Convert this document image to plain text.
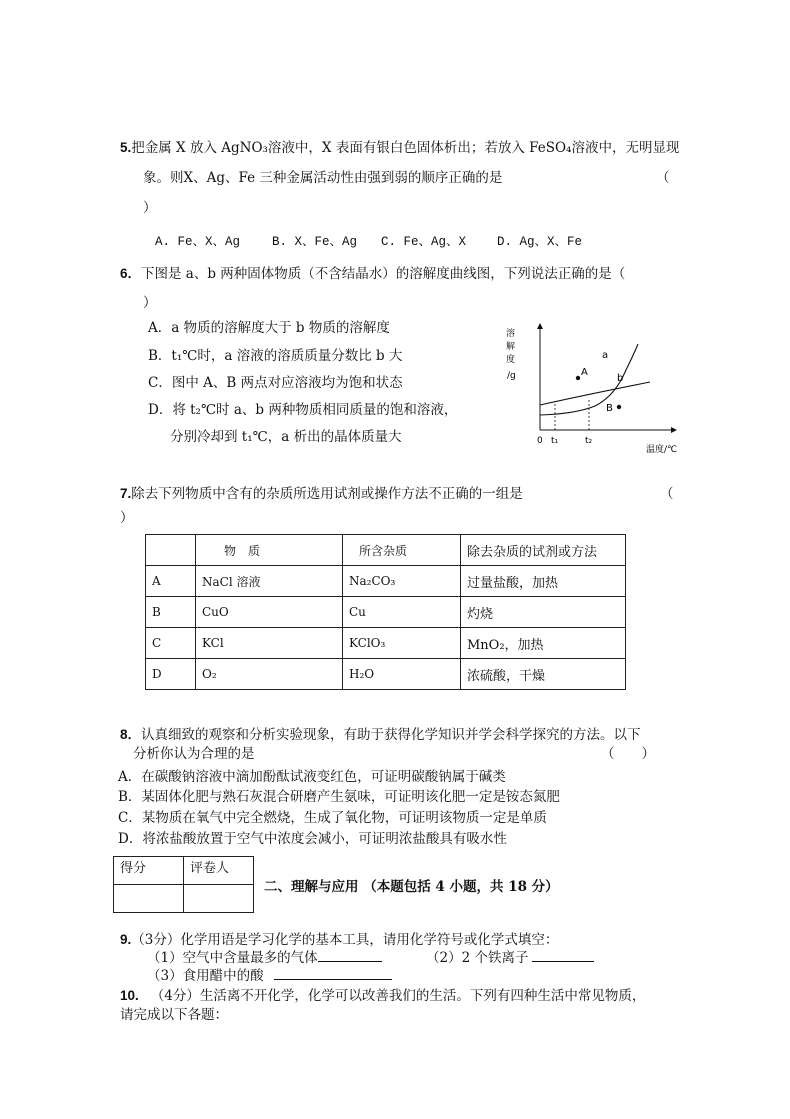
5.把金属 X 放入 AgNO₃溶液中，X 表面有银白色固体析出；若放入 FeSO₄溶液中，无明显现
象。则X、Ag、Fe 三种金属活动性由强到弱的顺序正确的是	（
）
A. Fe、X、Ag	B. X、Fe、Ag C. Fe、Ag、X D. Ag、X、Fe
6．下图是 a、b 两种固体物质（不含结晶水）的溶解度曲线图，下列说法正确的是（
）
A．a 物质的溶解度大于 b 物质的溶解度
B．t₁℃时，a 溶液的溶质质量分数比 b 大
C．图中 A、B 两点对应溶液均为饱和状态
D．将 t₂℃时 a、b 两种物质相同质量的饱和溶液，
分别冷却到 t₁℃，a 析出的晶体质量大
溶
解
度
/g
0 t₁	t₂
温度/℃
a
b
A
B
7.除去下列物质中含有的杂质所选用试剂或操作方法不正确的一组是	（
）
	物　质	所含杂质	除去杂质的试剂或方法
A	NaCl 溶液	Na₂CO₃	过量盐酸，加热
B	CuO	Cu	灼烧
C	KCl	KClO₃	MnO₂，加热
D	O₂	H₂O	浓硫酸，干燥
8．认真细致的观察和分析实验现象，有助于获得化学知识并学会科学探究的方法。以下
分析你认为合理的是	（　　）
A．在碳酸钠溶液中滴加酚酞试液变红色，可证明碳酸钠属于碱类
B．某固体化肥与熟石灰混合研磨产生氨味，可证明该化肥一定是铵态氮肥
C．某物质在氧气中完全燃烧，生成了氧化物，可证明该物质一定是单质
D．将浓盐酸放置于空气中浓度会减小，可证明浓盐酸具有吸水性
得分	评卷人

二、理解与应用 （本题包括 4 小题，共 18 分）
9.（3分）化学用语是学习化学的基本工具，请用化学符号或化学式填空：
（1）空气中含量最多的气体	（2）2 个铁离子
（3）食用醋中的酸
10. （4分）生活离不开化学，化学可以改善我们的生活。下列有四种生活中常见物质，
请完成以下各题：
